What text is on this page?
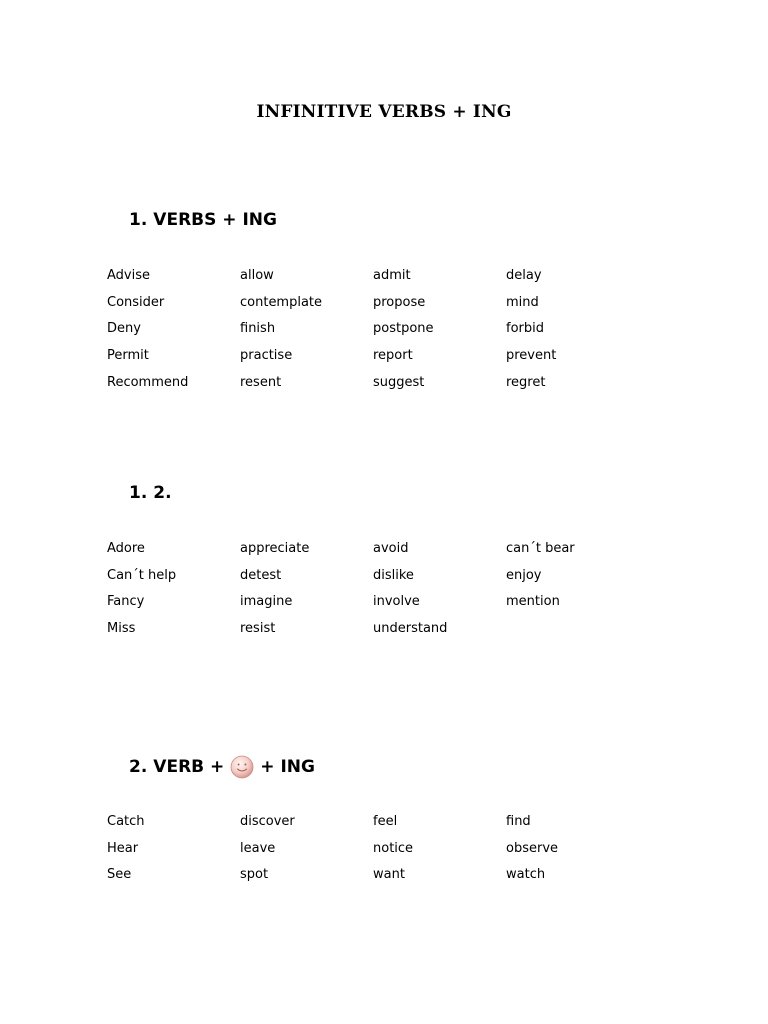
INFINITIVE VERBS + ING
1. VERBS + ING
Advise	allow	admit	delay
Consider	contemplate	propose	mind
Deny	finish	postpone	forbid
Permit	practise	report	prevent
Recommend	resent	suggest	regret
1. 2.
Adore	appreciate	avoid	can´t bear
Can´t help	detest	dislike	enjoy
Fancy	imagine	involve	mention
Miss	resist	understand	
2. VERB + + ING
Catch	discover	feel	find
Hear	leave	notice	observe
See	spot	want	watch
